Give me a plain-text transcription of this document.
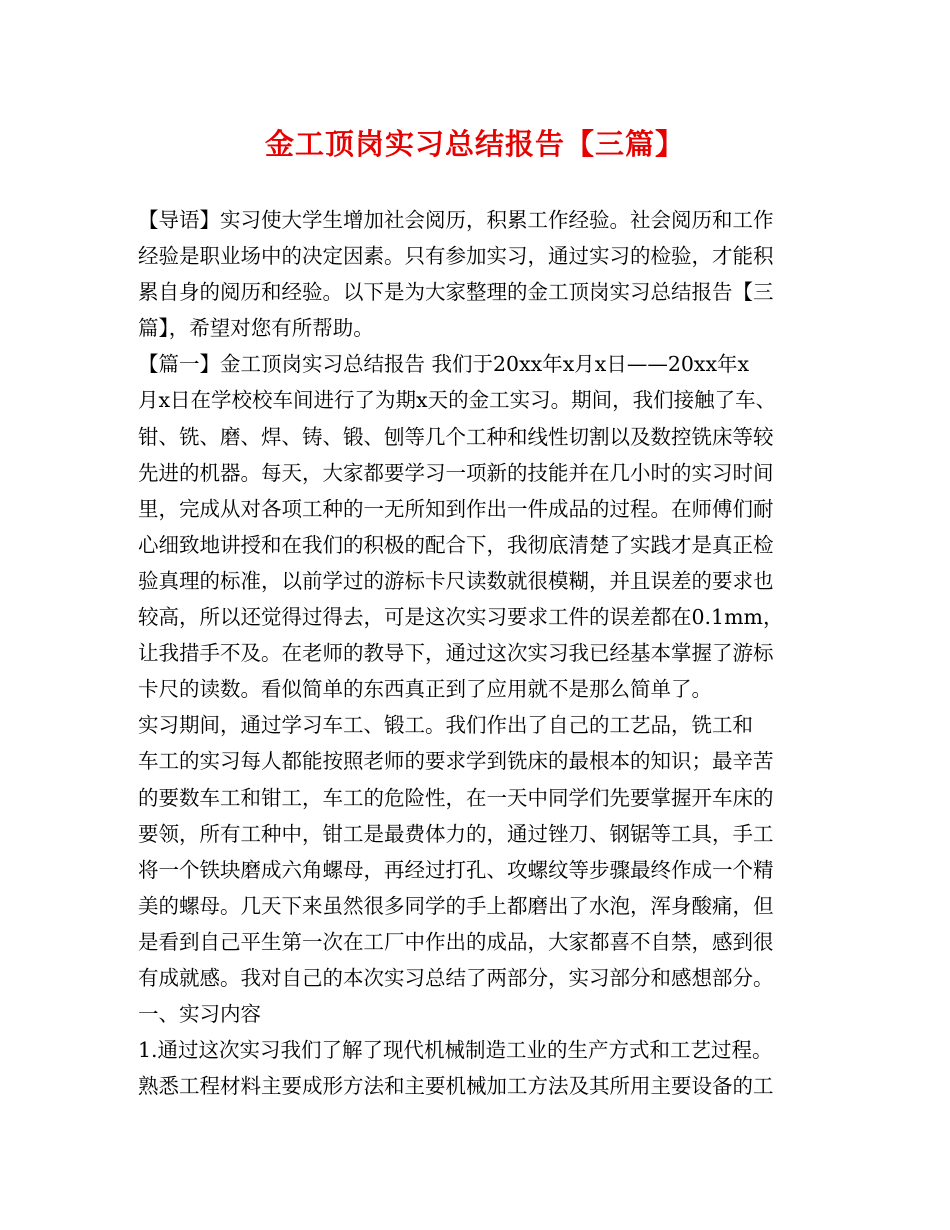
金工顶岗实习总结报告【三篇】
【导语】实习使大学生增加社会阅历，积累工作经验。社会阅历和工作
经验是职业场中的决定因素。只有参加实习，通过实习的检验，才能积
累自身的阅历和经验。以下是为大家整理的金工顶岗实习总结报告【三
篇】，希望对您有所帮助。
【篇一】金工顶岗实习总结报告 我们于20xx年x月x日——20xx年x
月x日在学校校车间进行了为期x天的金工实习。期间，我们接触了车、
钳、铣、磨、焊、铸、锻、刨等几个工种和线性切割以及数控铣床等较
先进的机器。每天，大家都要学习一项新的技能并在几小时的实习时间
里，完成从对各项工种的一无所知到作出一件成品的过程。在师傅们耐
心细致地讲授和在我们的积极的配合下，我彻底清楚了实践才是真正检
验真理的标准，以前学过的游标卡尺读数就很模糊，并且误差的要求也
较高，所以还觉得过得去，可是这次实习要求工件的误差都在0.1mm，
让我措手不及。在老师的教导下，通过这次实习我已经基本掌握了游标
卡尺的读数。看似简单的东西真正到了应用就不是那么简单了。
实习期间，通过学习车工、锻工。我们作出了自己的工艺品，铣工和
车工的实习每人都能按照老师的要求学到铣床的最根本的知识；最辛苦
的要数车工和钳工，车工的危险性，在一天中同学们先要掌握开车床的
要领，所有工种中，钳工是最费体力的，通过锉刀、钢锯等工具，手工
将一个铁块磨成六角螺母，再经过打孔、攻螺纹等步骤最终作成一个精
美的螺母。几天下来虽然很多同学的手上都磨出了水泡，浑身酸痛，但
是看到自己平生第一次在工厂中作出的成品，大家都喜不自禁，感到很
有成就感。我对自己的本次实习总结了两部分，实习部分和感想部分。
一、实习内容
1.通过这次实习我们了解了现代机械制造工业的生产方式和工艺过程。
熟悉工程材料主要成形方法和主要机械加工方法及其所用主要设备的工
